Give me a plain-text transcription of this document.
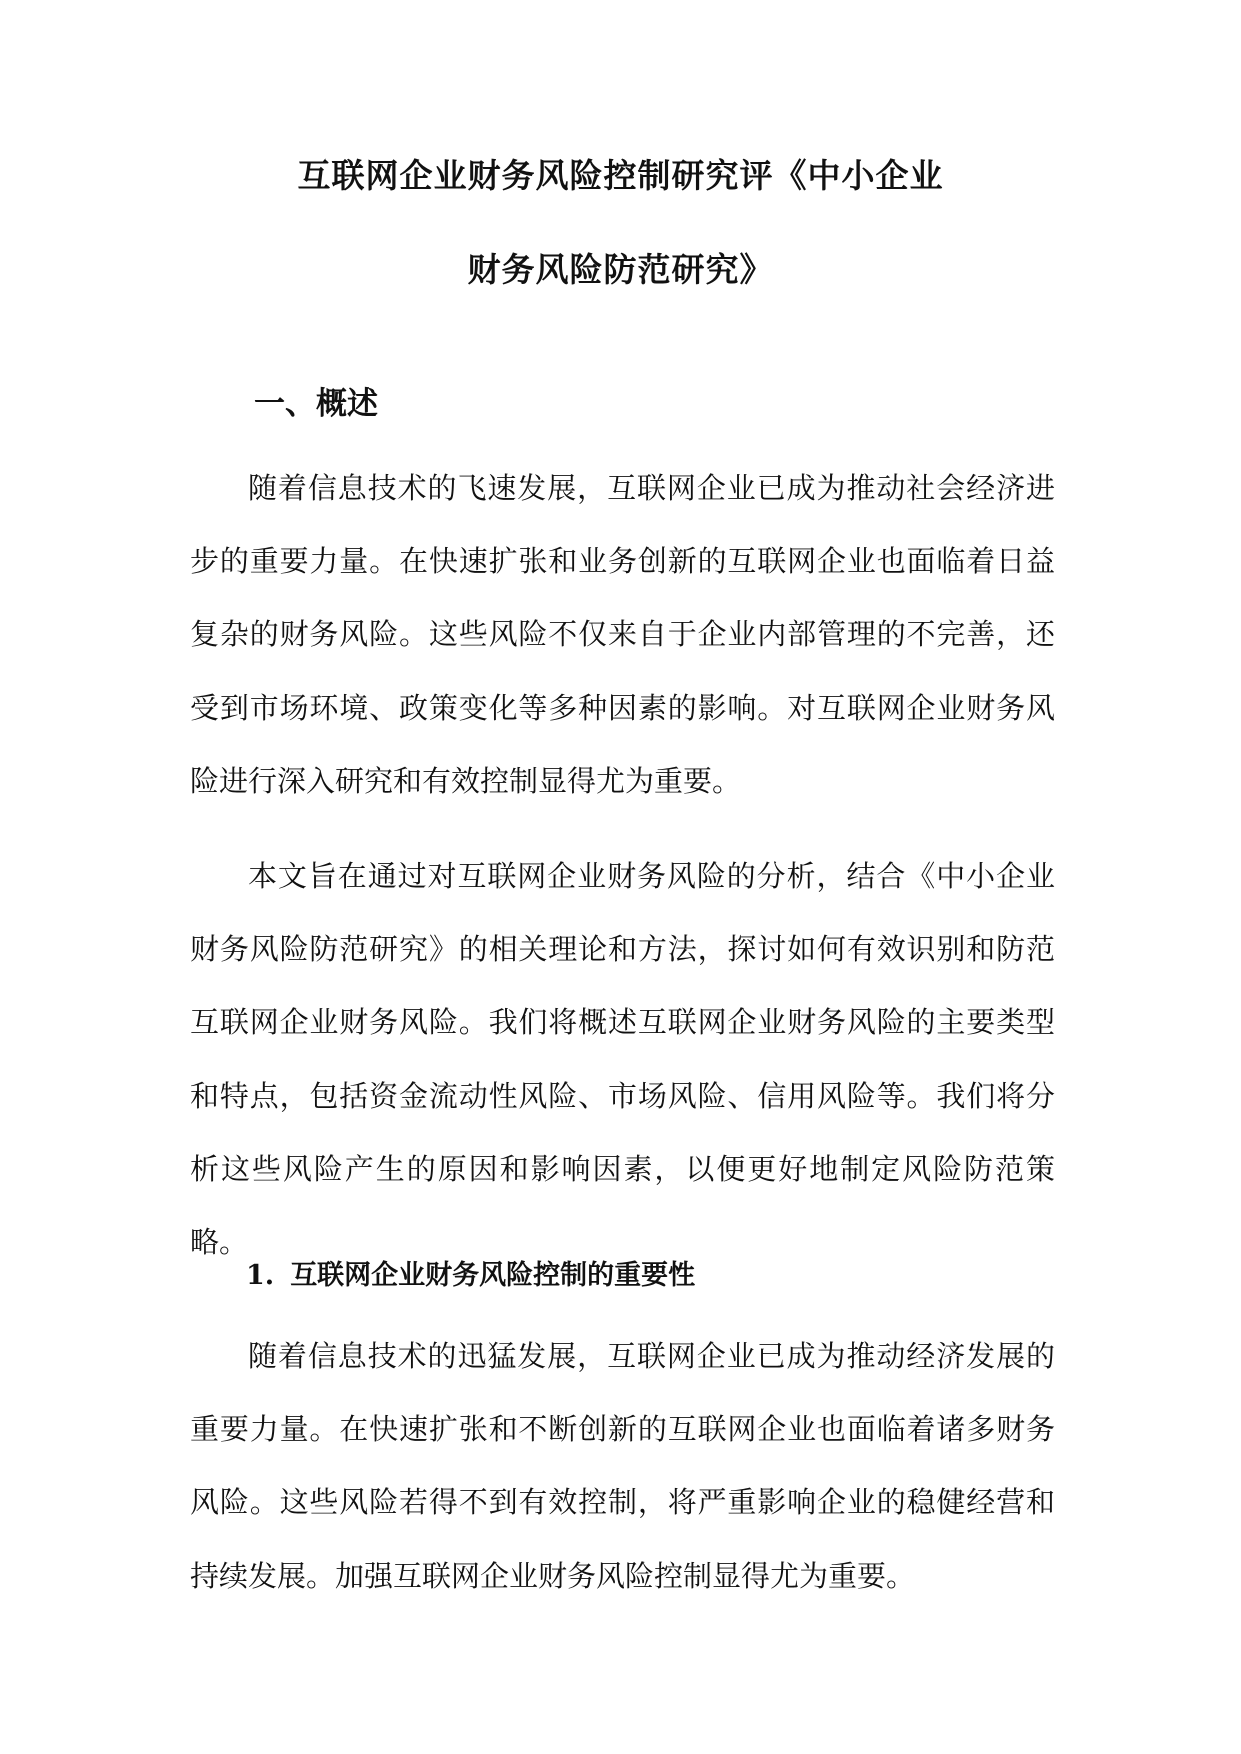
互联网企业财务风险控制研究评《中小企业
财务风险防范研究》
一、概述

随着信息技术的飞速发展，互联网企业已成为推动社会经济进步的重要力量。在快速扩张和业务创新的互联网企业也面临着日益复杂的财务风险。这些风险不仅来自于企业内部管理的不完善，还受到市场环境、政策变化等多种因素的影响。对互联网企业财务风险进行深入研究和有效控制显得尤为重要。

本文旨在通过对互联网企业财务风险的分析，结合《中小企业财务风险防范研究》的相关理论和方法，探讨如何有效识别和防范互联网企业财务风险。我们将概述互联网企业财务风险的主要类型和特点，包括资金流动性风险、市场风险、信用风险等。我们将分析这些风险产生的原因和影响因素，以便更好地制定风险防范策略。

1. 互联网企业财务风险控制的重要性

随着信息技术的迅猛发展，互联网企业已成为推动经济发展的重要力量。在快速扩张和不断创新的互联网企业也面临着诸多财务风险。这些风险若得不到有效控制，将严重影响企业的稳健经营和持续发展。加强互联网企业财务风险控制显得尤为重要。
